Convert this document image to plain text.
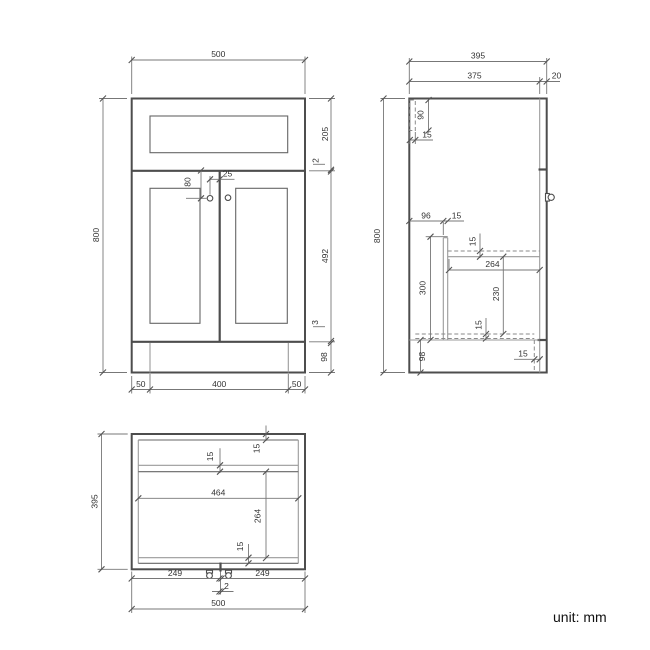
500
800
205
2
492
3
98
80
25
50	400	50
395
375	20
800
90
15
96 15
15
264
230
300
15
98	15
395
15
15
464
264
15
249
2
249
500
unit: mm
